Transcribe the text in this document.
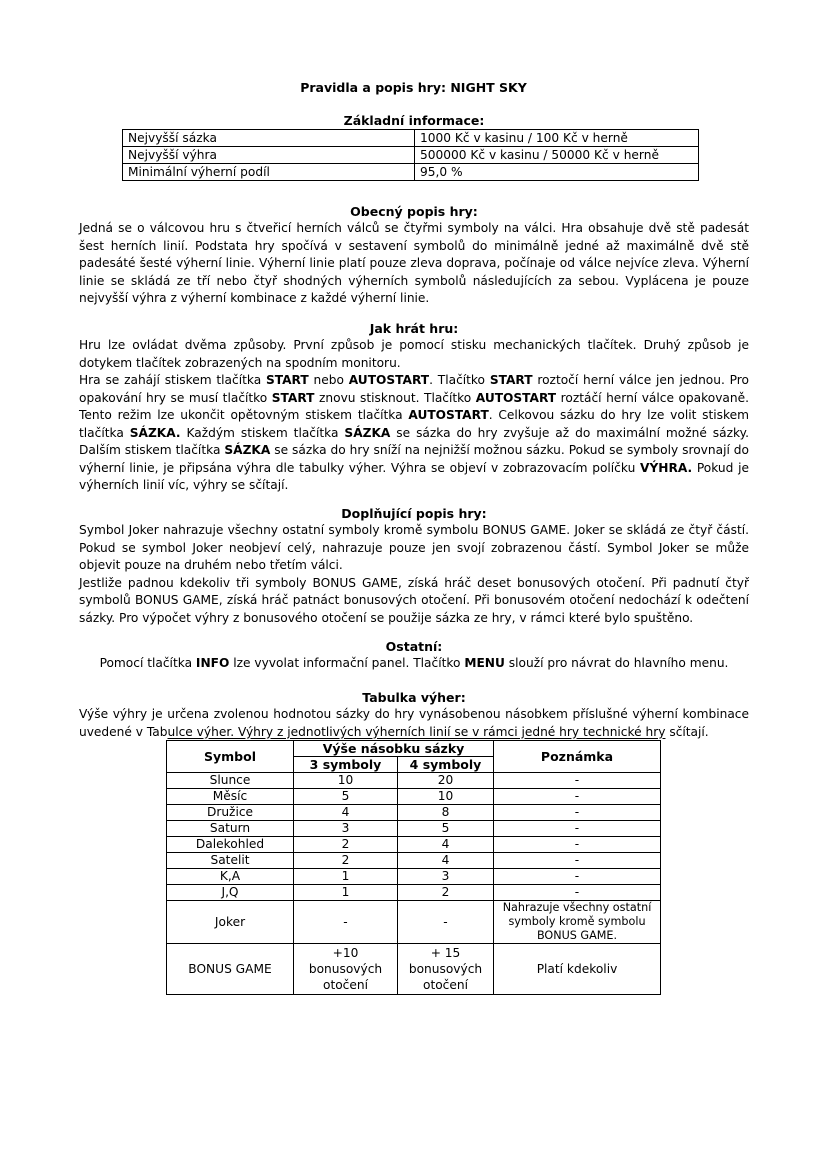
Pravidla a popis hry: NIGHT SKY
Základní informace:
Nejvyšší sázka	1000 Kč v kasinu / 100 Kč v herně
Nejvyšší výhra	500000 Kč v kasinu / 50000 Kč v herně
Minimální výherní podíl	95,0 %
Obecný popis hry:

Jedná se o válcovou hru s čtveřicí herních válců se čtyřmi symboly na válci. Hra obsahuje dvě stě padesát šest herních linií. Podstata hry spočívá v sestavení symbolů do minimálně jedné až maximálně dvě stě padesáté šesté výherní linie. Výherní linie platí pouze zleva doprava, počínaje od válce nejvíce zleva. Výherní linie se skládá ze tří nebo čtyř shodných výherních symbolů následujících za sebou. Vyplácena je pouze nejvyšší výhra z výherní kombinace z každé výherní linie.

Jak hrát hru:

Hru lze ovládat dvěma způsoby. První způsob je pomocí stisku mechanických tlačítek. Druhý způsob je dotykem tlačítek zobrazených na spodním monitoru.

Hra se zahájí stiskem tlačítka START nebo AUTOSTART. Tlačítko START roztočí herní válce jen jednou. Pro opakování hry se musí tlačítko START znovu stisknout. Tlačítko AUTOSTART roztáčí herní válce opakovaně. Tento režim lze ukončit opětovným stiskem tlačítka AUTOSTART. Celkovou sázku do hry lze volit stiskem tlačítka SÁZKA. Každým stiskem tlačítka SÁZKA se sázka do hry zvyšuje až do maximální možné sázky. Dalším stiskem tlačítka SÁZKA se sázka do hry sníží na nejnižší možnou sázku. Pokud se symboly srovnají do výherní linie, je připsána výhra dle tabulky výher. Výhra se objeví v zobrazovacím políčku VÝHRA. Pokud je výherních linií víc, výhry se sčítají.

Doplňující popis hry:

Symbol Joker nahrazuje všechny ostatní symboly kromě symbolu BONUS GAME. Joker se skládá ze čtyř částí. Pokud se symbol Joker neobjeví celý, nahrazuje pouze jen svojí zobrazenou částí. Symbol Joker se může objevit pouze na druhém nebo třetím válci.

Jestliže padnou kdekoliv tři symboly BONUS GAME, získá hráč deset bonusových otočení. Při padnutí čtyř symbolů BONUS GAME, získá hráč patnáct bonusových otočení. Při bonusovém otočení nedochází k odečtení sázky. Pro výpočet výhry z bonusového otočení se použije sázka ze hry, v rámci které bylo spuštěno.

Ostatní:
Pomocí tlačítka INFO lze vyvolat informační panel. Tlačítko MENU slouží pro návrat do hlavního menu.
Tabulka výher:

Výše výhry je určena zvolenou hodnotou sázky do hry vynásobenou násobkem příslušné výherní kombinace uvedené v Tabulce výher. Výhry z jednotlivých výherních linií se v rámci jedné hry technické hry sčítají.

Symbol	Výše násobku sázky		Poznámka
	3 symboly	4 symboly	
Slunce	10	20	-
Měsíc	5	10	-
Družice	4	8	-
Saturn	3	5	-
Dalekohled	2	4	-
Satelit	2	4	-
K,A	1	3	-
J,Q	1	2	-
Joker	-	-	Nahrazuje všechny ostatní symboly kromě symbolu BONUS GAME.
BONUS GAME	+10 bonusových otočení	+ 15 bonusových otočení	Platí kdekoliv
